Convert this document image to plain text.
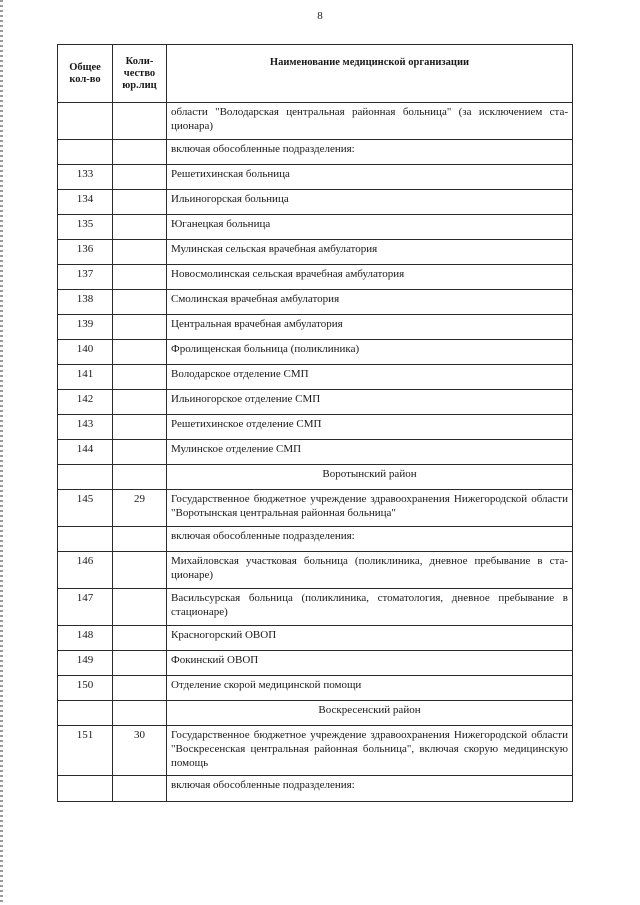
8
Общее кол-во	Коли-чество юр.лиц	Наименование медицинской организации
		области "Володарская центральная районная больница" (за исключением ста-ционара)
		включая обособленные подразделения:
133		Решетихинская больница
134		Ильиногорская больница
135		Юганецкая больница
136		Мулинская сельская врачебная амбулатория
137		Новосмолинская сельская врачебная амбулатория
138		Смолинская врачебная амбулатория
139		Центральная врачебная амбулатория
140		Фролищенская больница (поликлиника)
141		Володарское отделение СМП
142		Ильиногорское отделение СМП
143		Решетихинское отделение СМП
144		Мулинское отделение СМП
		Воротынский район
145	29	Государственное бюджетное учреждение здравоохранения Нижегородской области "Воротынская центральная районная больница"
		включая обособленные подразделения:
146		Михайловская участковая больница (поликлиника, дневное пребывание в ста-ционаре)
147		Васильсурская больница (поликлиника, стоматология, дневное пребывание в стационаре)
148		Красногорский ОВОП
149		Фокинский ОВОП
150		Отделение скорой медицинской помощи
		Воскресенский район
151	30	Государственное бюджетное учреждение здравоохранения Нижегородской области "Воскресенская центральная районная больница", включая скорую медицинскую помощь
		включая обособленные подразделения:
